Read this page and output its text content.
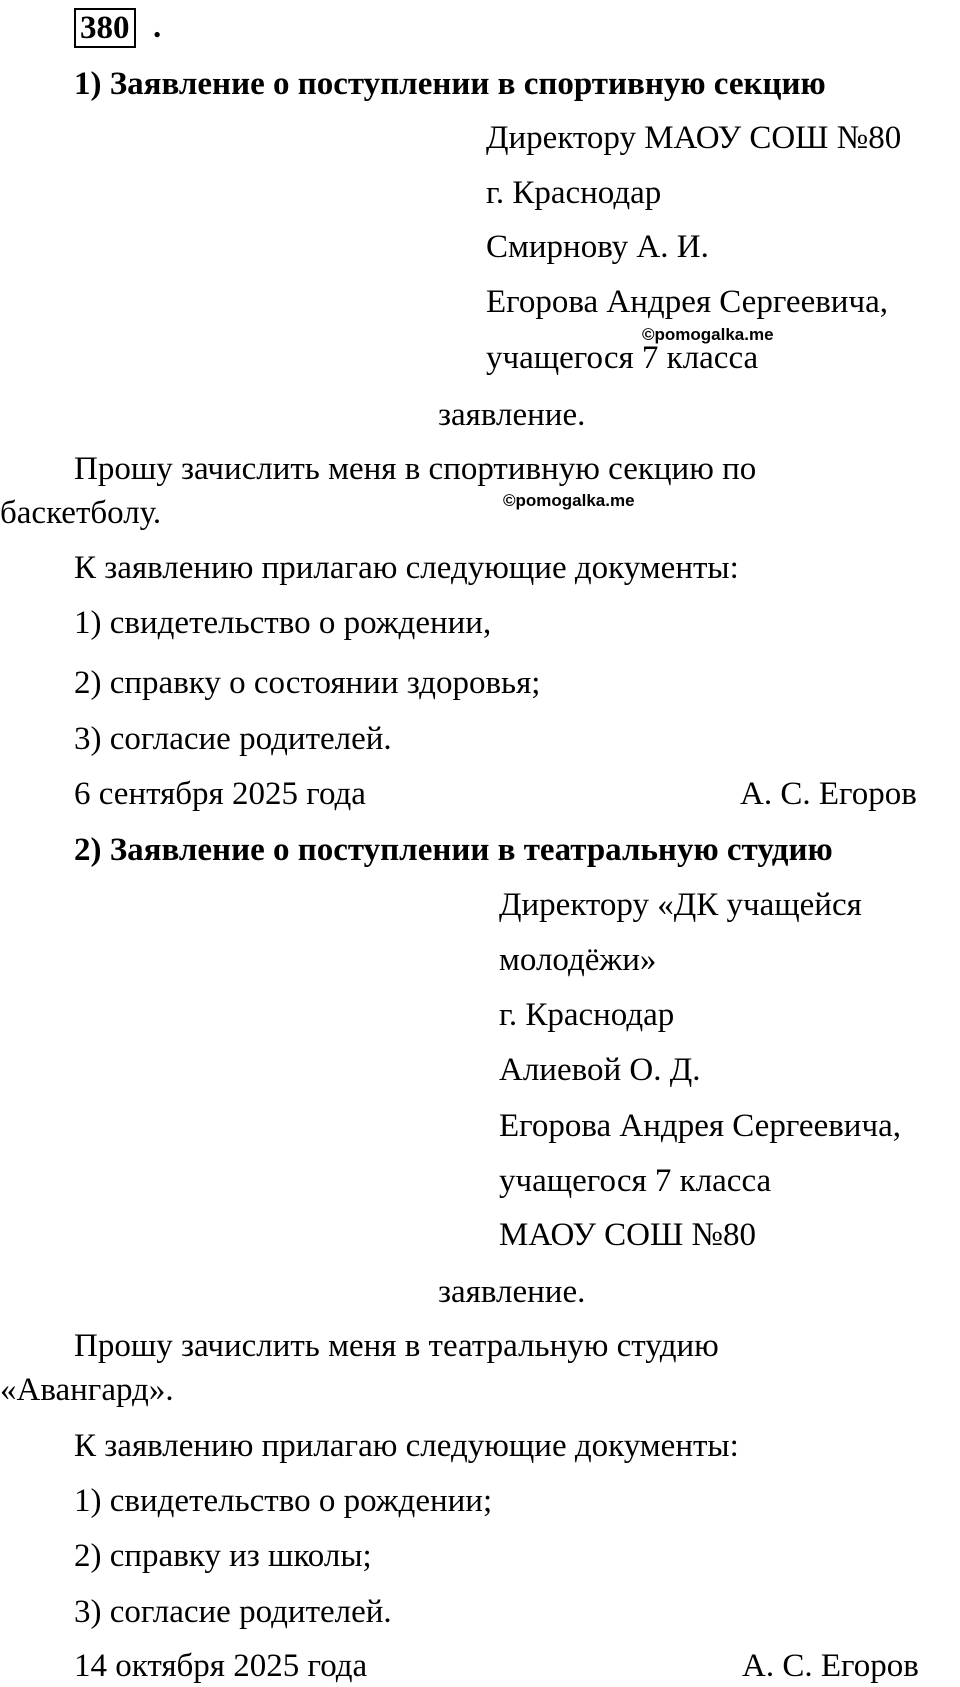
380 .
1) Заявление о поступлении в спортивную секцию
Директору МАОУ СОШ №80
г. Краснодар
Смирнову А. И.
Егорова Андрея Сергеевича,
©pomogalka.me
учащегося 7 класса
заявление.
Прошу зачислить меня в спортивную секцию по
баскетболу.	©pomogalka.me
К заявлению прилагаю следующие документы:
1) свидетельство о рождении,
2) справку о состоянии здоровья;
3) согласие родителей.
6 сентября 2025 года	А. С. Егоров
2) Заявление о поступлении в театральную студию
Директору «ДК учащейся
молодёжи»
г. Краснодар
Алиевой О. Д.
Егорова Андрея Сергеевича,
учащегося 7 класса
МАОУ СОШ №80
заявление.
Прошу зачислить меня в театральную студию
«Авангард».
К заявлению прилагаю следующие документы:
1) свидетельство о рождении;
2) справку из школы;
3) согласие родителей.
14 октября 2025 года	А. С. Егоров
